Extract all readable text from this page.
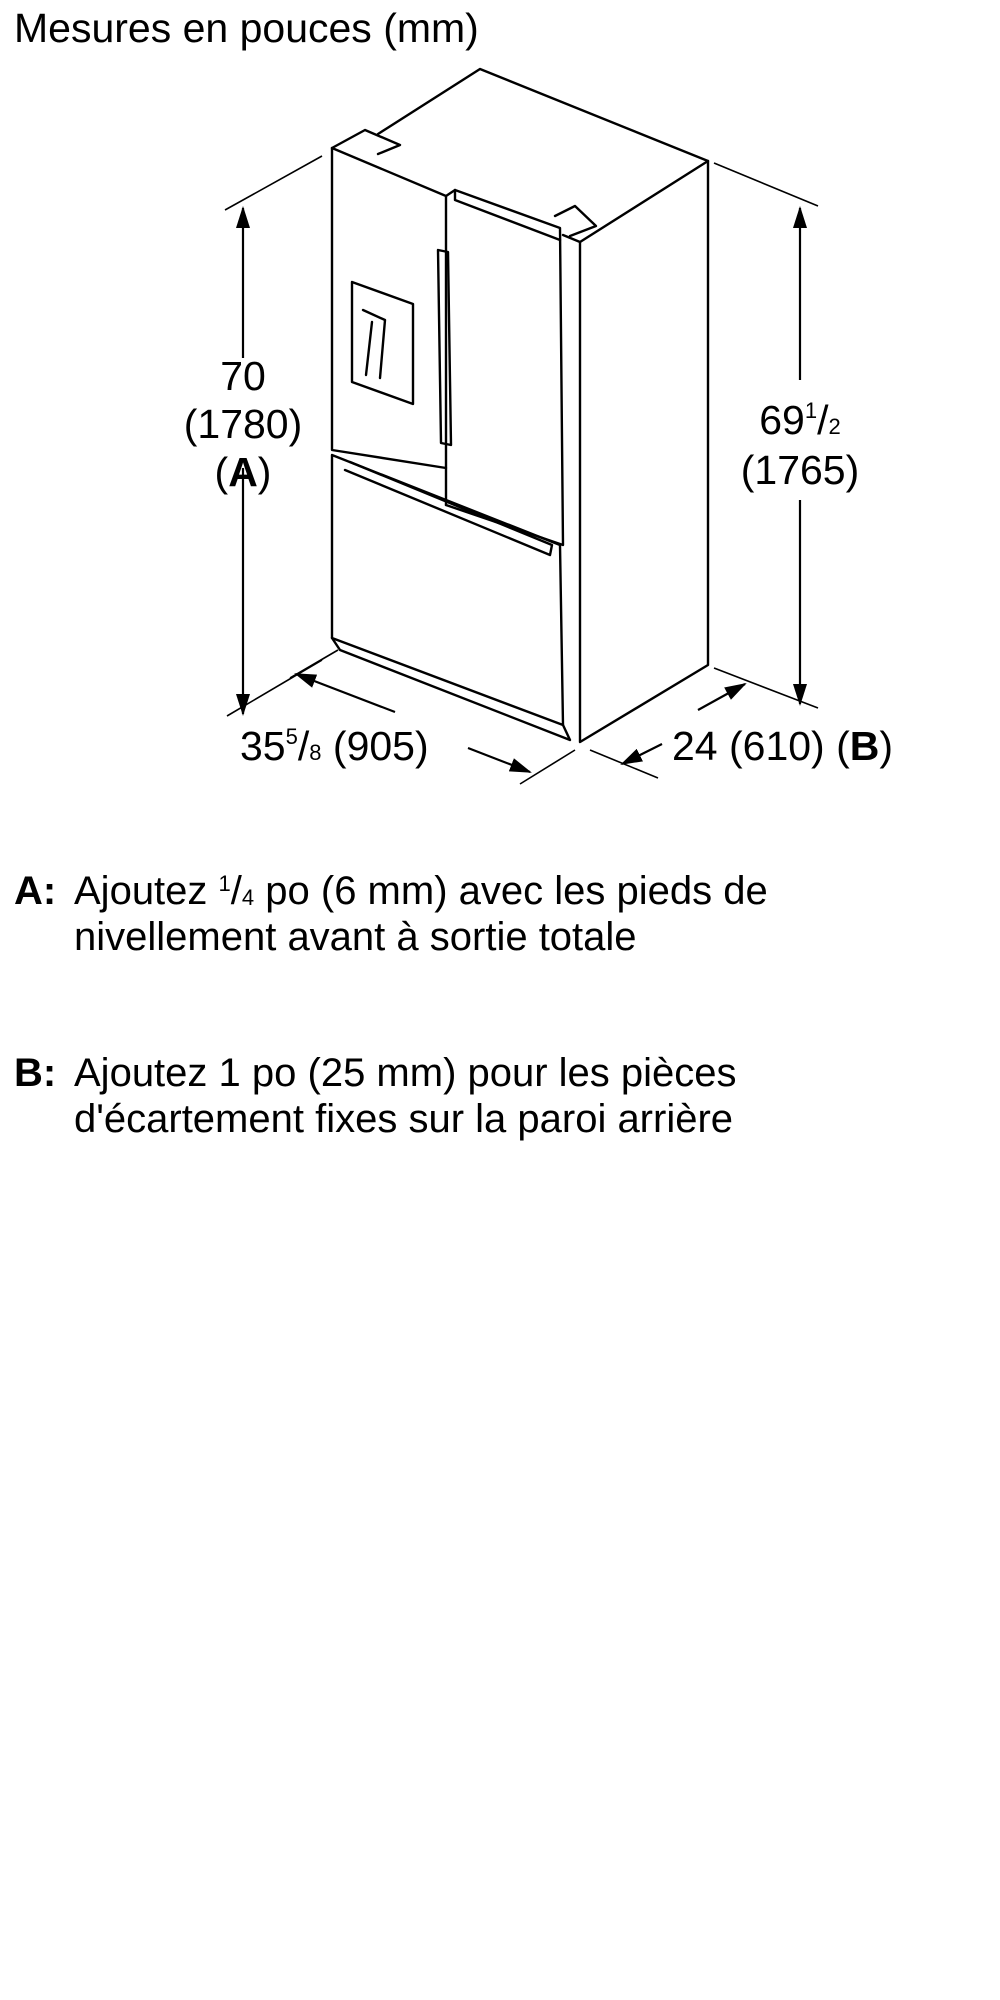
Mesures en pouces (mm)
70
(1780)
(A)
$69^1/2$
(1765)
$35^5/8$ (905)	24 (610) (B)
A: Ajoutez $^1/_4$ po (6 mm) avec les pieds de
nivellement avant à sortie totale
B: Ajoutez 1 po (25 mm) pour les pièces
d'écartement fixes sur la paroi arrière
